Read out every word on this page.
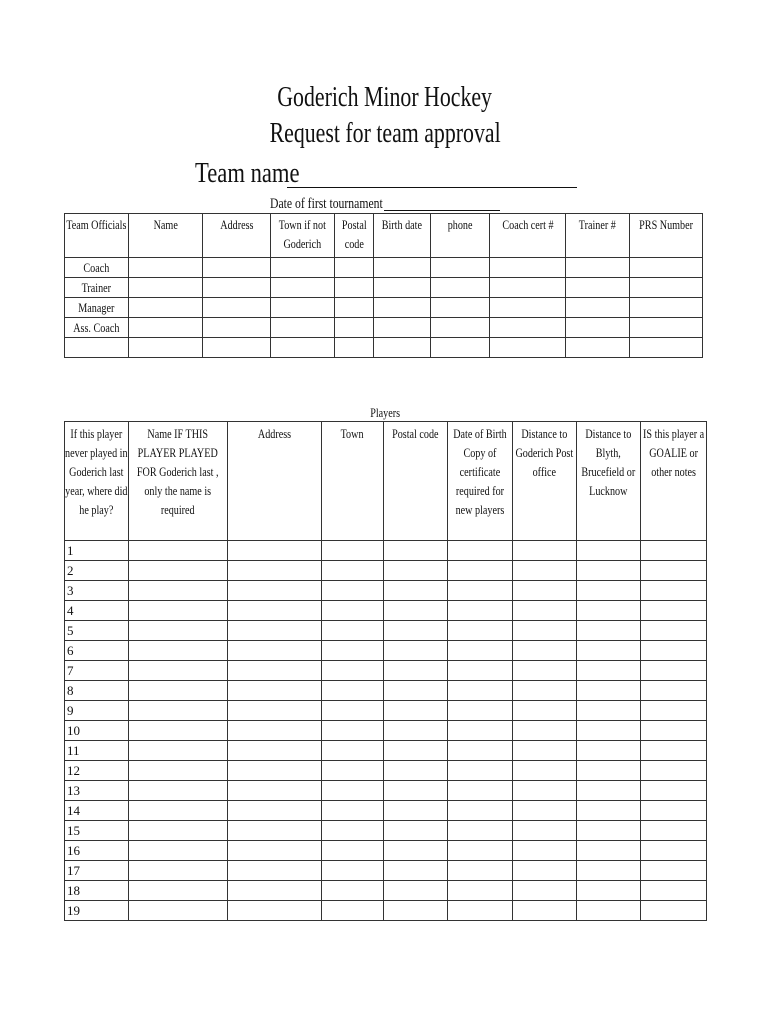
Goderich Minor Hockey
Request for team approval
Team name
Date of first tournament
Team Officials	Name	Address	Town if not Goderich	Postal code	Birth date	phone	Coach cert #	Trainer #	PRS Number

Coach									

Trainer									

Manager									

Ass. Coach									

Players
If this player never played in Goderich last year, where did he play?	Name IF THIS PLAYER PLAYED FOR Goderich last , only the name is required	Address	Town	Postal code	Date of Birth Copy of certificate required for new players	Distance to Goderich Post office	Distance to Blyth, Brucefield or Lucknow	IS this player a GOALIE or other notes

1								
2								
3								
4								
5								
6								
7								
8								
9								
10								
11								
12								
13								
14								
15								
16								
17								
18								
19								
